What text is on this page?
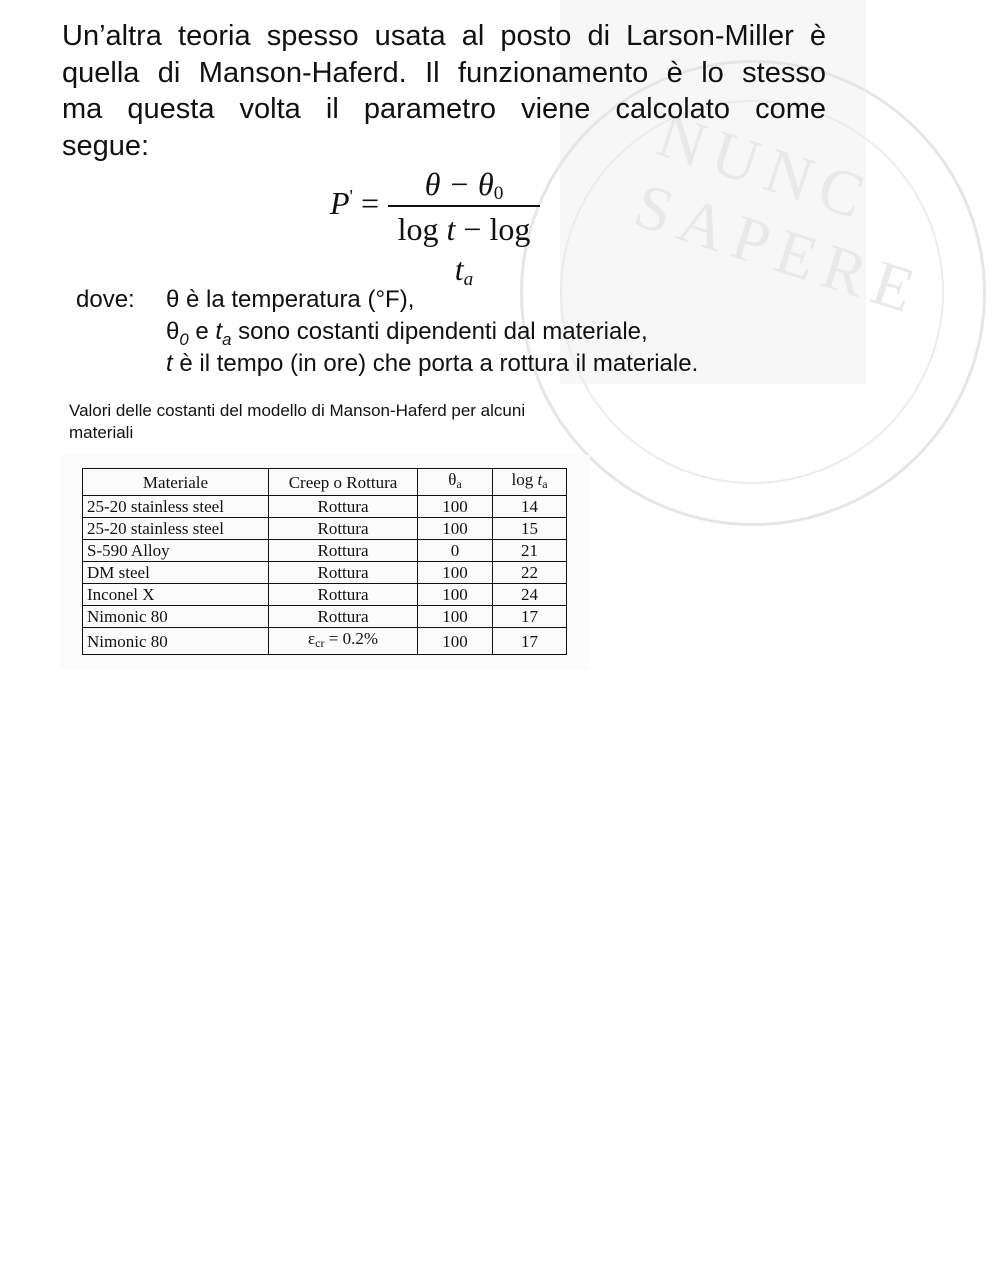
NUNC SAPERE
Un’altra teoria spesso usata al posto di Larson-Miller è
quella di Manson-Haferd. Il funzionamento è lo stesso
ma questa volta il parametro viene calcolato come
segue:
P' =
$\theta - \theta_0$
$\log t - \log t_a$
dove: θ è la temperatura (°F),
$\theta_0$ e $t_a$ sono costanti dipendenti dal materiale,
t è il tempo (in ore) che porta a rottura il materiale.
Valori delle costanti del modello di Manson-Haferd per alcuni materiali
Materiale	Creep o Rottura	$\theta_a$	$\log t_a$
25-20 stainless steel	Rottura	100	14
25-20 stainless steel	Rottura	100	15
S-590 Alloy	Rottura	0	21
DM steel	Rottura	100	22
Inconel X	Rottura	100	24
Nimonic 80	Rottura	100	17
Nimonic 80	$\varepsilon_{cr} = 0.2\%$	100	17
